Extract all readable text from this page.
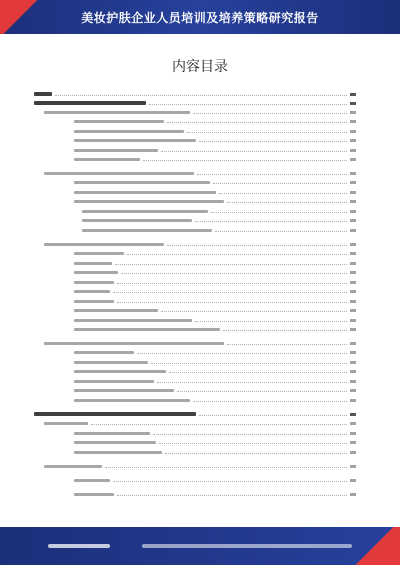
美妆护肤企业人员培训及培养策略研究报告
内容目录
